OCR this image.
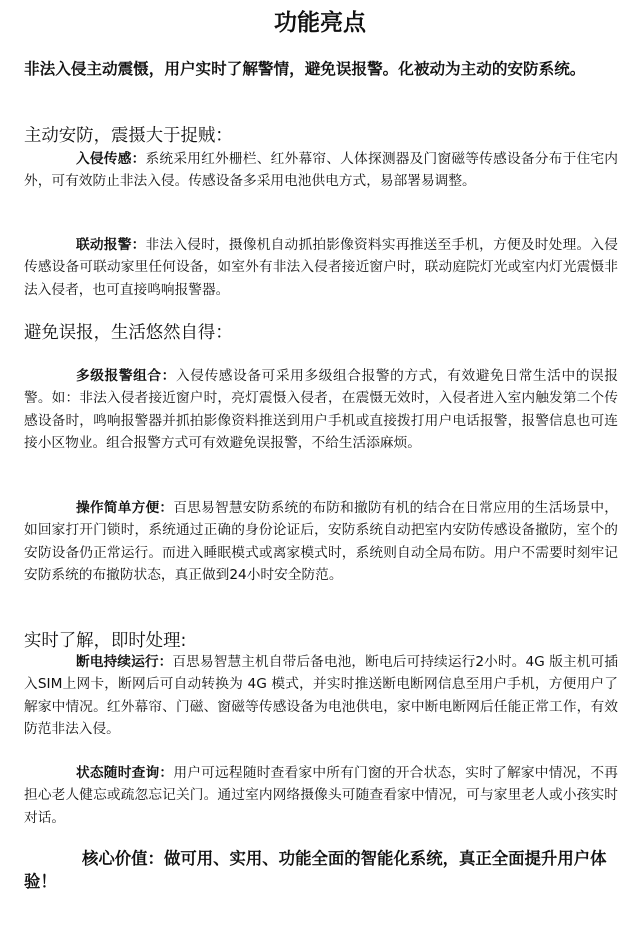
功能亮点
非法入侵主动震慑，用户实时了解警情，避免误报警。化被动为主动的安防系统。
主动安防，震摄大于捉贼：
入侵传感：系统采用红外栅栏、红外幕帘、人体探测器及门窗磁等传感设备分布于住宅内外，可有效防止非法入侵。传感设备多采用电池供电方式，易部署易调整。
联动报警：非法入侵时，摄像机自动抓拍影像资料实再推送至手机，方便及时处理。入侵传感设备可联动家里任何设备，如室外有非法入侵者接近窗户时，联动庭院灯光或室内灯光震慑非法入侵者，也可直接鸣响报警器。
避免误报，生活悠然自得：
多级报警组合：入侵传感设备可采用多级组合报警的方式，有效避免日常生活中的误报警。如：非法入侵者接近窗户时，亮灯震慑入侵者，在震慑无效时，入侵者进入室内触发第二个传感设备时，鸣响报警器并抓拍影像资料推送到用户手机或直接拨打用户电话报警，报警信息也可连接小区物业。组合报警方式可有效避免误报警，不给生活添麻烦。
操作简单方便：百思易智慧安防系统的布防和撤防有机的结合在日常应用的生活场景中，如回家打开门锁时，系统通过正确的身份论证后，安防系统自动把室内安防传感设备撤防，室个的安防设备仍正常运行。而进入睡眠模式或离家模式时，系统则自动全局布防。用户不需要时刻牢记安防系统的布撤防状态，真正做到24小时安全防范。
实时了解，即时处理:
断电持续运行：百思易智慧主机自带后备电池，断电后可持续运行2小时。4G 版主机可插入SIM上网卡，断网后可自动转换为 4G 模式，并实时推送断电断网信息至用户手机，方便用户了解家中情况。红外幕帘、门磁、窗磁等传感设备为电池供电，家中断电断网后任能正常工作，有效防范非法入侵。
状态随时查询：用户可远程随时查看家中所有门窗的开合状态，实时了解家中情况，不再担心老人健忘或疏忽忘记关门。通过室内网络摄像头可随查看家中情况，可与家里老人或小孩实时对话。
核心价值：做可用、实用、功能全面的智能化系统，真正全面提升用户体验！
